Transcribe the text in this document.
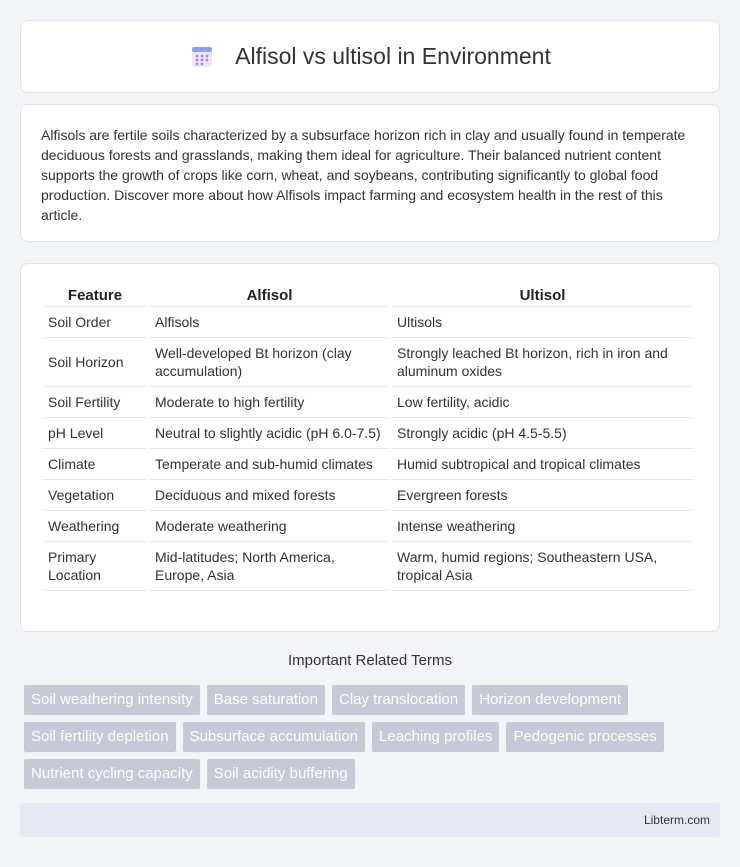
Alfisol vs ultisol in Environment

Alfisols are fertile soils characterized by a subsurface horizon rich in clay and usually found in temperate deciduous forests and grasslands, making them ideal for agriculture. Their balanced nutrient content supports the growth of crops like corn, wheat, and soybeans, contributing significantly to global food production. Discover more about how Alfisols impact farming and ecosystem health in the rest of this article.

Feature	Alfisol	Ultisol
Soil Order	Alfisols	Ultisols
Soil Horizon	Well-developed Bt horizon (clay accumulation)	Strongly leached Bt horizon, rich in iron and aluminum oxides
Soil Fertility	Moderate to high fertility	Low fertility, acidic
pH Level	Neutral to slightly acidic (pH 6.0-7.5)	Strongly acidic (pH 4.5-5.5)
Climate	Temperate and sub-humid climates	Humid subtropical and tropical climates
Vegetation	Deciduous and mixed forests	Evergreen forests
Weathering	Moderate weathering	Intense weathering
Primary Location	Mid-latitudes; North America, Europe, Asia	Warm, humid regions; Southeastern USA, tropical Asia
Important Related Terms
Soil weathering intensity	Base saturation	Clay translocation	Horizon development
Soil fertility depletion	Subsurface accumulation	Leaching profiles	Pedogenic processes
Nutrient cycling capacity	Soil acidity buffering
Libterm.com
